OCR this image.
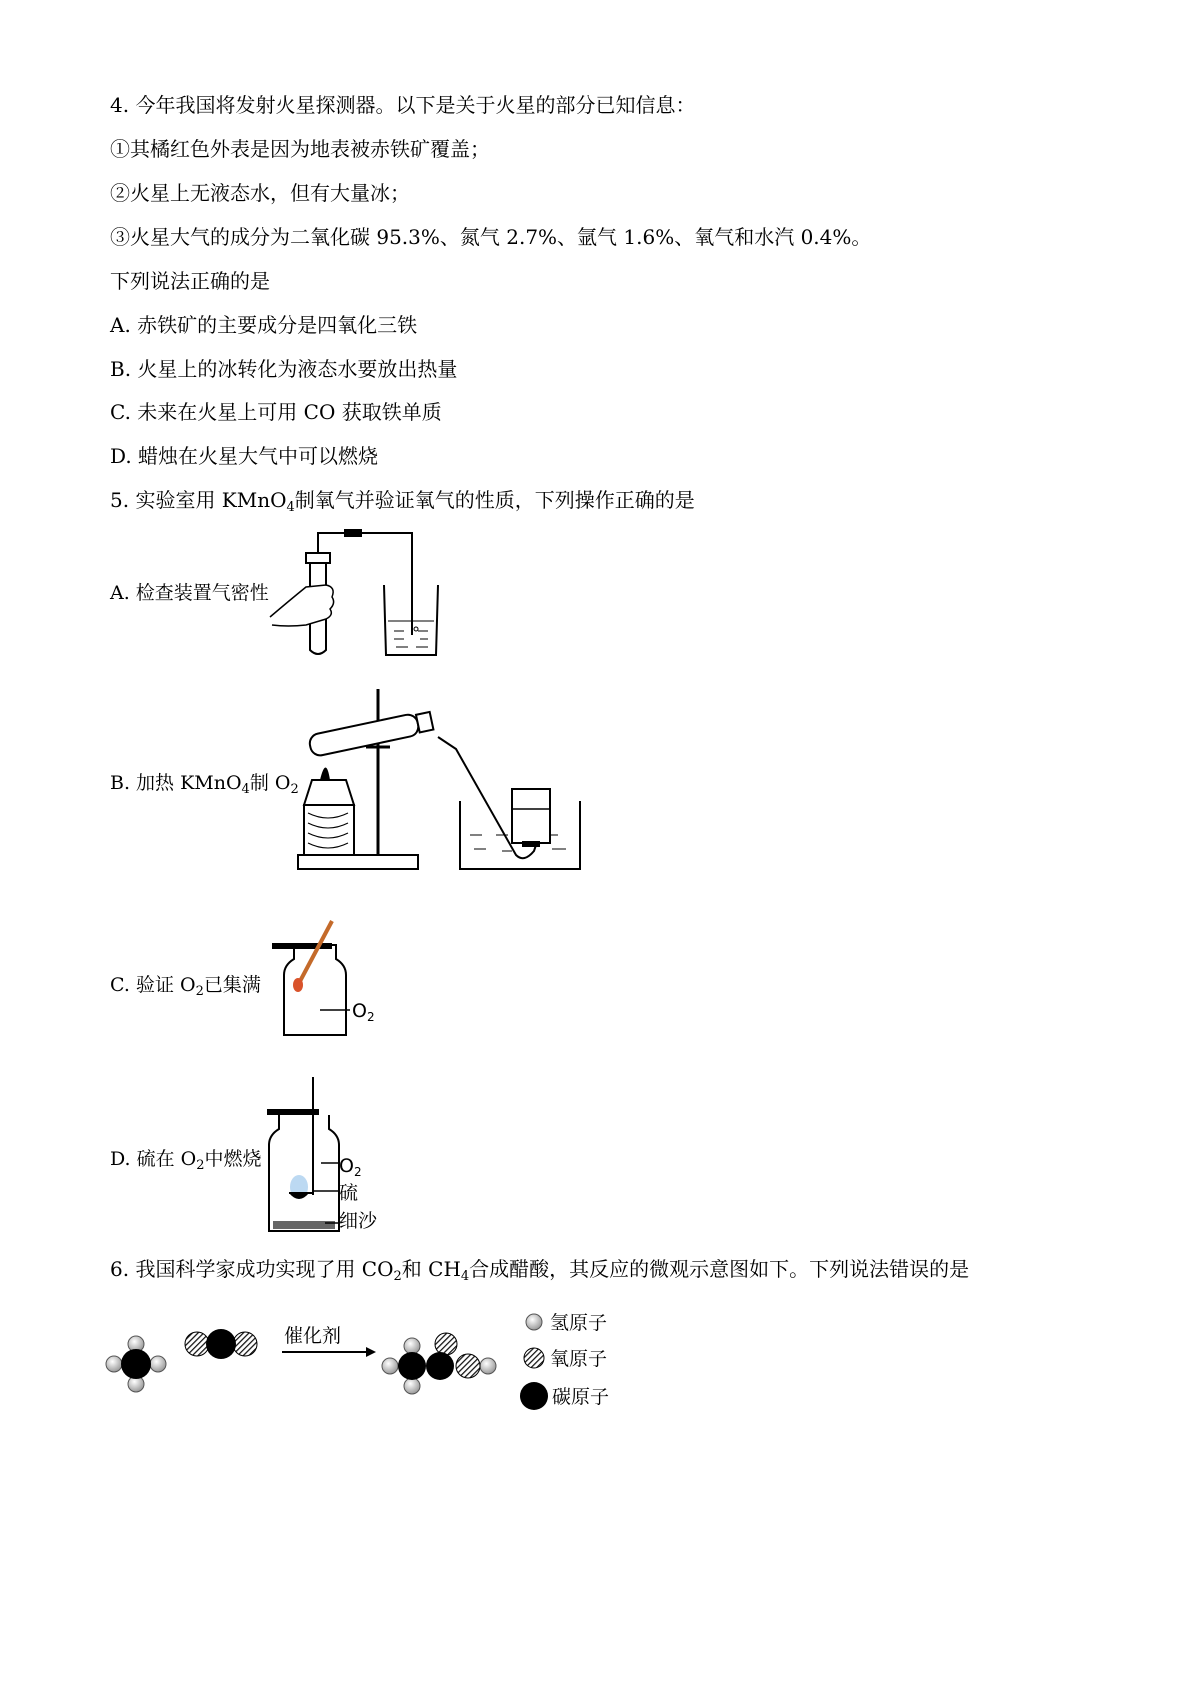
4. 今年我国将发射火星探测器。以下是关于火星的部分已知信息：
①其橘红色外表是因为地表被赤铁矿覆盖；
②火星上无液态水，但有大量冰；
③火星大气的成分为二氧化碳 95.3%、氮气 2.7%、氩气 1.6%、氧气和水汽 0.4%。
下列说法正确的是
A. 赤铁矿的主要成分是四氧化三铁
B. 火星上的冰转化为液态水要放出热量
C. 未来在火星上可用 CO 获取铁单质
D. 蜡烛在火星大气中可以燃烧
5. 实验室用 KMnO$_4$制氧气并验证氧气的性质，下列操作正确的是
A. 检查装置气密性
B. 加热 KMnO$_4$制 $O_2$
C. 验证 $O_2$已集满
$O_2$
D. 硫在 $O_2$中燃烧	$O_2$
硫
细沙
6. 我国科学家成功实现了用 $CO_2$和 $CH_4$合成醋酸，其反应的微观示意图如下。下列说法错误的是
催化剂
氢原子
氧原子
碳原子
